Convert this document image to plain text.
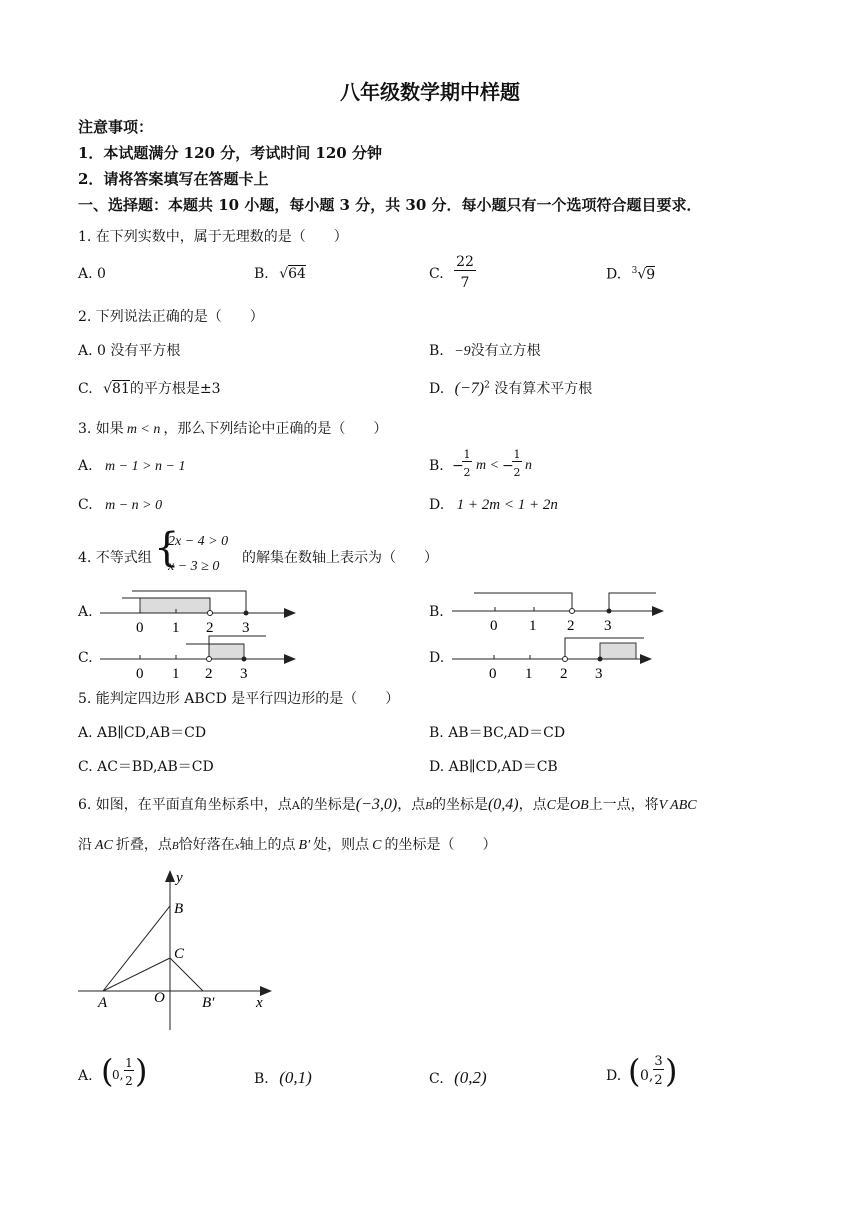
八年级数学期中样题
注意事项：
1．本试题满分 120 分，考试时间 120 分钟
2．请将答案填写在答题卡上
一、选择题：本题共 10 小题，每小题 3 分，共 30 分．每小题只有一个选项符合题目要求．
1. 在下列实数中，属于无理数的是（　　）
A. 0	B. √64	C.
22
7
D. $^3$√9
2. 下列说法正确的是（　　）
A. 0 没有平方根	B. −9没有立方根
C. √81的平方根是±3	D. $(-7)^2$ 没有算术平方根
3. 如果 m < n ，那么下列结论中正确的是（　　）
A. m − 1 > n − 1	B. −
1
2 m < −
1
2 n
C. m − n > 0	D. 1 + 2m < 1 + 2n
4. 不等式组 {
2x − 4 > 0
x − 3 ≥ 0
的解集在数轴上表示为（　　）
A.	B.
C.	D.
0 1 2 3	0 1 2 3
0 1 2 3	0 1 2 3
5. 能判定四边形 ABCD 是平行四边形的是（　　）
A. AB∥CD,AB＝CD	B. AB＝BC,AD＝CD
C. AC＝BD,AB＝CD	D. AB∥CD,AD＝CB
6. 如图，在平面直角坐标系中，点A的坐标是(−3,0)，点B的坐标是(0,4)，点C是OB上一点，将V ABC
沿 AC 折叠，点B恰好落在x轴上的点 B′ 处，则点 C 的坐标是（　　）
y
B
C
A	O B′	x
A. (
0,
1
2 )	B. (0,1)	C. (0,2)	D. ( 0,
3
2 )
